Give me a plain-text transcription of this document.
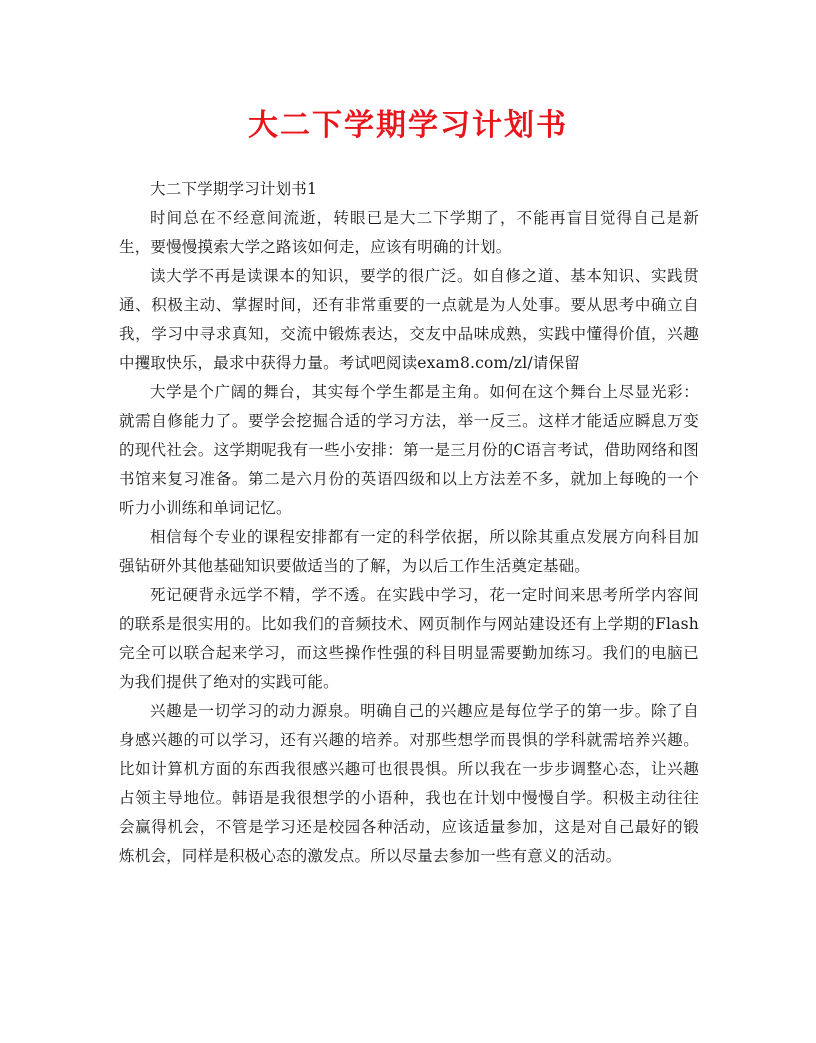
大二下学期学习计划书

大二下学期学习计划书1

时间总在不经意间流逝，转眼已是大二下学期了，不能再盲目觉得自己是新生，要慢慢摸索大学之路该如何走，应该有明确的计划。

读大学不再是读课本的知识，要学的很广泛。如自修之道、基本知识、实践贯通、积极主动、掌握时间，还有非常重要的一点就是为人处事。要从思考中确立自我，学习中寻求真知，交流中锻炼表达，交友中品味成熟，实践中懂得价值，兴趣中攫取快乐，最求中获得力量。考试吧阅读exam8.com/zl/请保留

大学是个广阔的舞台，其实每个学生都是主角。如何在这个舞台上尽显光彩：就需自修能力了。要学会挖掘合适的学习方法，举一反三。这样才能适应瞬息万变的现代社会。这学期呢我有一些小安排：第一是三月份的C语言考试，借助网络和图书馆来复习准备。第二是六月份的英语四级和以上方法差不多，就加上每晚的一个听力小训练和单词记忆。

相信每个专业的课程安排都有一定的科学依据，所以除其重点发展方向科目加强钻研外其他基础知识要做适当的了解，为以后工作生活奠定基础。

死记硬背永远学不精，学不透。在实践中学习，花一定时间来思考所学内容间的联系是很实用的。比如我们的音频技术、网页制作与网站建设还有上学期的Flash完全可以联合起来学习，而这些操作性强的科目明显需要勤加练习。我们的电脑已为我们提供了绝对的实践可能。

兴趣是一切学习的动力源泉。明确自己的兴趣应是每位学子的第一步。除了自身感兴趣的可以学习，还有兴趣的培养。对那些想学而畏惧的学科就需培养兴趣。比如计算机方面的东西我很感兴趣可也很畏惧。所以我在一步步调整心态，让兴趣占领主导地位。韩语是我很想学的小语种，我也在计划中慢慢自学。积极主动往往会赢得机会，不管是学习还是校园各种活动，应该适量参加，这是对自己最好的锻炼机会，同样是积极心态的激发点。所以尽量去参加一些有意义的活动。
